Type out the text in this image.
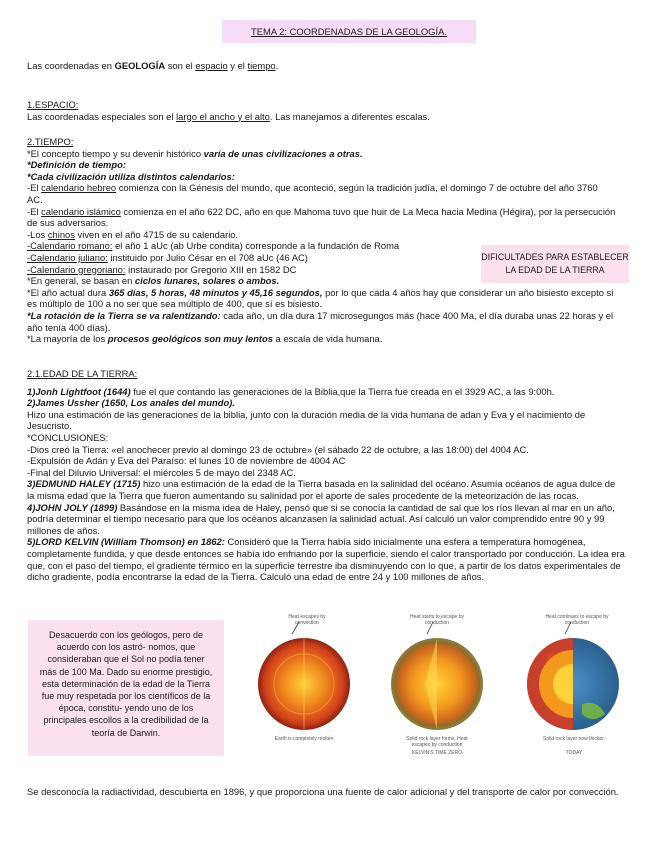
TEMA 2: COORDENADAS DE LA GEOLOGÍA.
Las coordenadas en GEOLOGÍA son el espacio y el tiempo.

1.ESPACIO:

Las coordenadas especiales son el largo el ancho y el alto. Las manejamos a diferentes escalas.

2.TIEMPO:

*El concepto tiempo y su devenir histórico varía de unas civilizaciones a otras.

*Definición de tiempo:

*Cada civilización utiliza distintos calendarios:

-El calendario hebreo comienza con la Génesis del mundo, que aconteció, según la tradición judía, el domingo 7 de octubre del año 3760 AC.

-El calendario islámico comienza en el año 622 DC, año en que Mahoma tuvo que huir de La Meca hacia Medina (Hégira), por la persecución de sus adversarios.

-Los chinos viven en el año 4715 de su calendario.

-Calendario romano: el año 1 aUc (ab Urbe condita) corresponde a la fundación de Roma

-Calendario juliano: instituido por Julio César en el 708 aUc (46 AC)

-Calendario gregoriano: instaurado por Gregorio XIII en 1582 DC

*En general, se basan en ciclos lunares, solares o ambos.

*El año actual dura 365 días, 5 horas, 48 minutos y 45,16 segundos, por lo que cada 4 años hay que considerar un año bisiesto excepto si es múltiplo de 100 a no ser que sea múltiplo de 400, que sí es bisiesto.

*La rotación de la Tierra se va ralentizando: cada año, un día dura 17 microsegungos más (hace 400 Ma, el día duraba unas 22 horas y el año tenía 400 días).

*La mayoría de los procesos geológicos son muy lentos a escala de vida humana.

DIFICULTADES PARA ESTABLECER LA EDAD DE LA TIERRA

2.1.EDAD DE LA TIERRA:

1)Jonh Lightfoot (1644) fue el que contando las generaciones de la Biblia,que la Tierra fue creada en el 3929 AC, a las 9:00h.

2)James Ussher (1650, Los anales del mundo).

Hizo una estimación de las generaciones de la biblia, junto con la duración media de la vida humana de adan y Eva y el nacimiento de Jesucristo.

*CONCLUSIONES:

-Dios creó la Tierra: «el anochecer previo al domingo 23 de octubre» (el sábado 22 de octubre, a las 18:00) del 4004 AC.

-Expulsión de Adán y Eva del Paraíso: el lunes 10 de noviembre de 4004 AC

-Final del Diluvio Universal: el miércoles 5 de mayo del 2348 AC.

3)EDMUND HALEY (1715) hizo una estimación de la edad de la Tierra basada en la salinidad del océano. Asumía océanos de agua dulce de la misma edad que la Tierra que fueron aumentando su salinidad por el aporte de sales procedente de la meteorización de las rocas.

4)JOHN JOLY (1899) Basándose en la misma idea de Haley, pensó que si se conocía la cantidad de sal que los ríos llevan al mar en un año, podría determinar el tiempo necesario para que los océanos alcanzasen la salinidad actual. Así calculó un valor comprendido entre 90 y 99 millones de años.

5)LORD KELVIN (William Thomson) en 1862: Consideró que la Tierra había sido inicialmente una esfera a temperatura homogénea, completamente fundida, y que desde entonces se había ido enfriando por la superficie, siendo el calor transportado por conducción. La idea era que, con el paso del tiempo, el gradiente térmico en la superficie terrestre iba disminuyendo con lo que, a partir de los datos experimentales de dicho gradiente, podía encontrarse la edad de la Tierra. Calculó una edad de entre 24 y 100 millones de años.

Desacuerdo con los geólogos, pero de acuerdo con los astró- nomos, que consideraban que el Sol no podía tener más de 100 Ma. Dado su enorme prestigio, esta determinación de la edad de la Tierra fue muy respetada por los científicos de la época, constitu- yendo uno de los principales escollos a la credibilidad de la teoría de Darwin.
Heat escapes by convection
Heat starts to escape by conduction
Heat continues to escape by conduction
Earth is completely molten	Solid rock layer forms. Heat escapes by conduction
KELVIN'S TIME ZERO
Solid rock layer now thicker.
TODAY
Se desconocía la radiactividad, descubierta en 1896, y que proporciona una fuente de calor adicional y del transporte de calor por convección.
